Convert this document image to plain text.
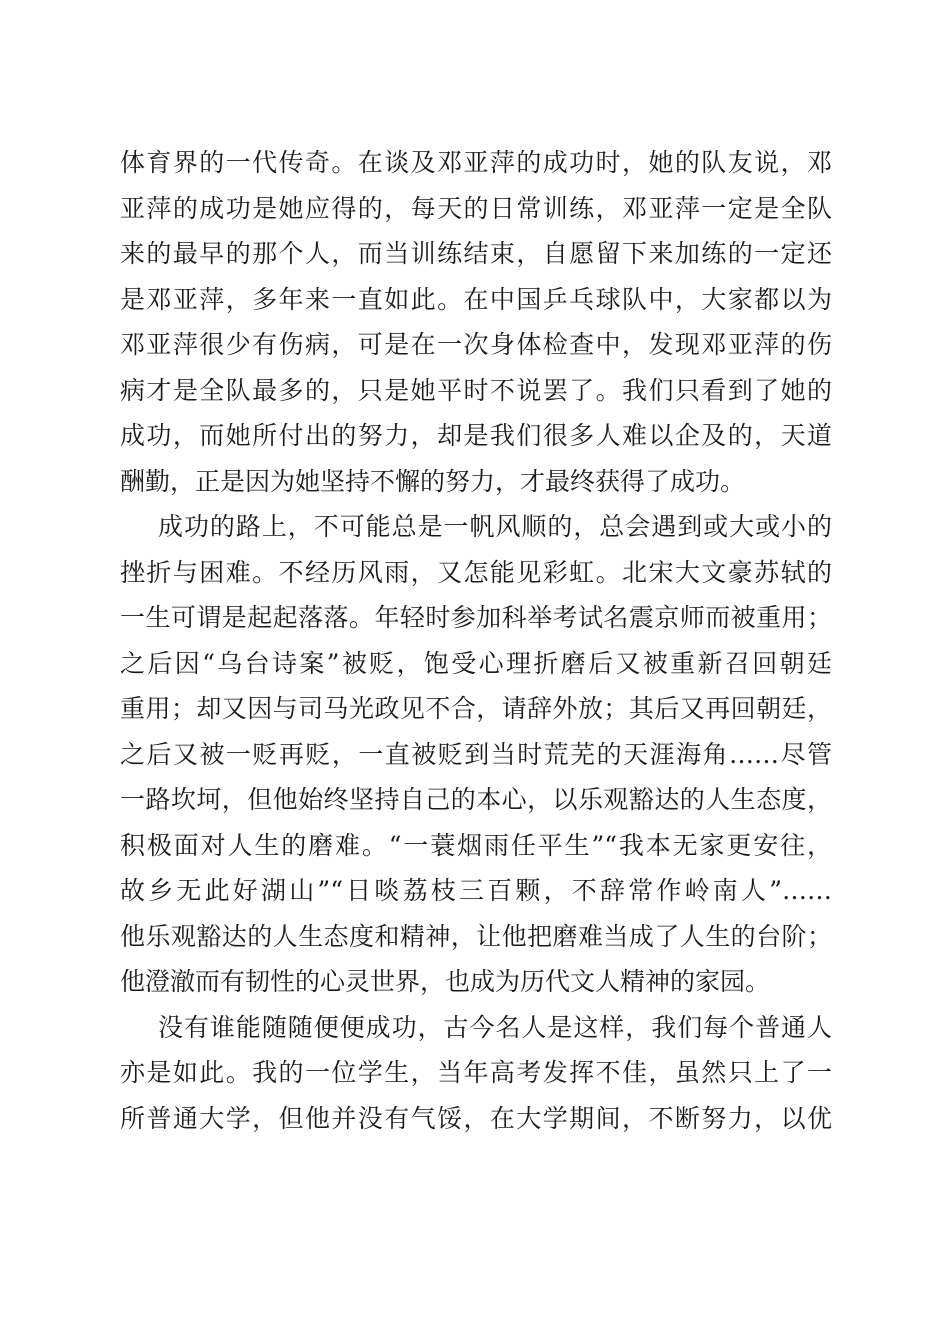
体育界的一代传奇。在谈及邓亚萍的成功时，她的队友说，邓
亚萍的成功是她应得的，每天的日常训练，邓亚萍一定是全队
来的最早的那个人，而当训练结束，自愿留下来加练的一定还
是邓亚萍，多年来一直如此。在中国乒乓球队中，大家都以为
邓亚萍很少有伤病，可是在一次身体检查中，发现邓亚萍的伤
病才是全队最多的，只是她平时不说罢了。我们只看到了她的
成功，而她所付出的努力，却是我们很多人难以企及的，天道
酬勤，正是因为她坚持不懈的努力，才最终获得了成功。
成功的路上，不可能总是一帆风顺的，总会遇到或大或小的
挫折与困难。不经历风雨，又怎能见彩虹。北宋大文豪苏轼的
一生可谓是起起落落。年轻时参加科举考试名震京师而被重用；
之后因“乌台诗案”被贬，饱受心理折磨后又被重新召回朝廷
重用；却又因与司马光政见不合，请辞外放；其后又再回朝廷，
之后又被一贬再贬，一直被贬到当时荒芜的天涯海角……尽管
一路坎坷，但他始终坚持自己的本心，以乐观豁达的人生态度，
积极面对人生的磨难。“一蓑烟雨任平生”“我本无家更安往，
故乡无此好湖山”“日啖荔枝三百颗，不辞常作岭南人”……
他乐观豁达的人生态度和精神，让他把磨难当成了人生的台阶；
他澄澈而有韧性的心灵世界，也成为历代文人精神的家园。
没有谁能随随便便成功，古今名人是这样，我们每个普通人
亦是如此。我的一位学生，当年高考发挥不佳，虽然只上了一
所普通大学，但他并没有气馁，在大学期间，不断努力，以优
